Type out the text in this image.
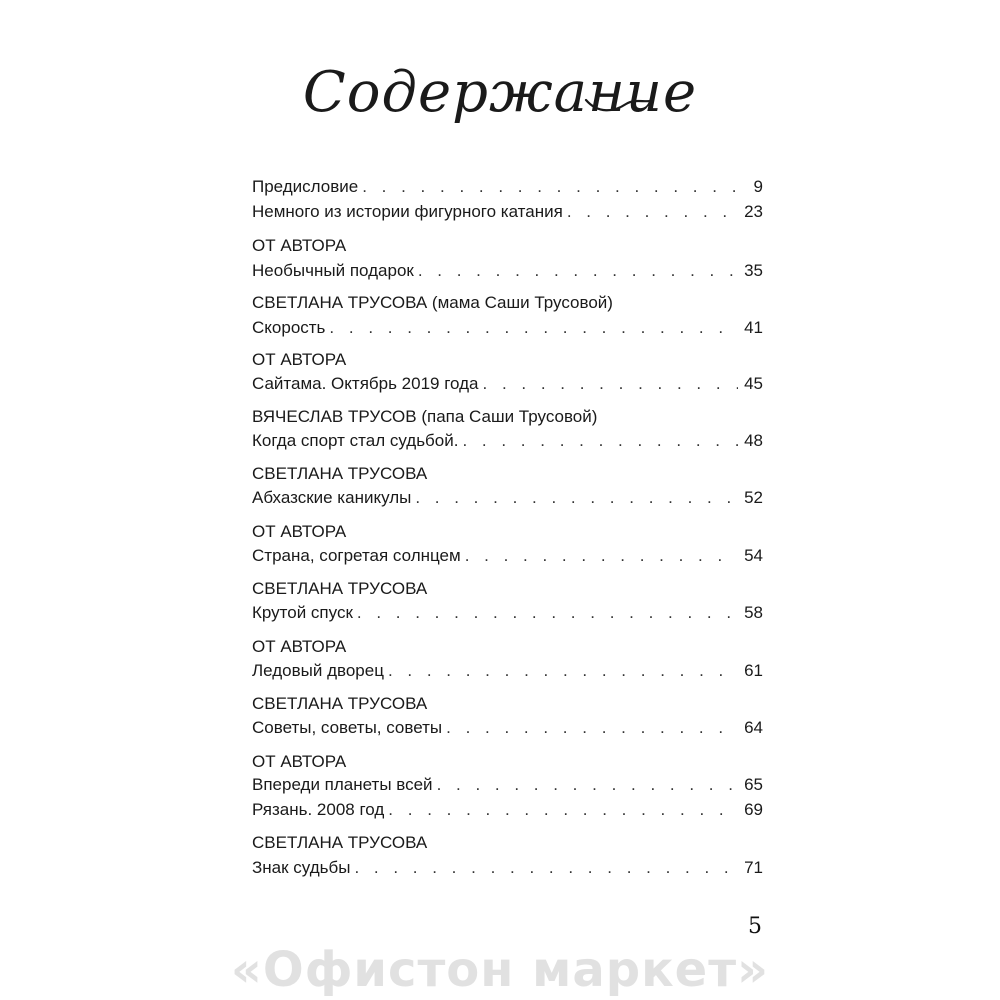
Содержание
Предисловие . . .	9
Немного из истории фигурного катания . . .	23
ОТ АВТОРА
Необычный подарок . . .	35
СВЕТЛАНА ТРУСОВА (мама Саши Трусовой)
Скорость . . .	41
ОТ АВТОРА
Сайтама. Октябрь 2019 года . . .	45
ВЯЧЕСЛАВ ТРУСОВ (папа Саши Трусовой)
Когда спорт стал судьбой. . . .	48
СВЕТЛАНА ТРУСОВА
Абхазские каникулы . . .	52
ОТ АВТОРА
Страна, согретая солнцем . . .	54
СВЕТЛАНА ТРУСОВА
Крутой спуск . . .	58
ОТ АВТОРА
Ледовый дворец . . .	61
СВЕТЛАНА ТРУСОВА
Советы, советы, советы . . .	64
ОТ АВТОРА
Впереди планеты всей . . .	65
Рязань. 2008 год . . .	69
СВЕТЛАНА ТРУСОВА
Знак судьбы . . .	71
5
«Офистон маркет»
